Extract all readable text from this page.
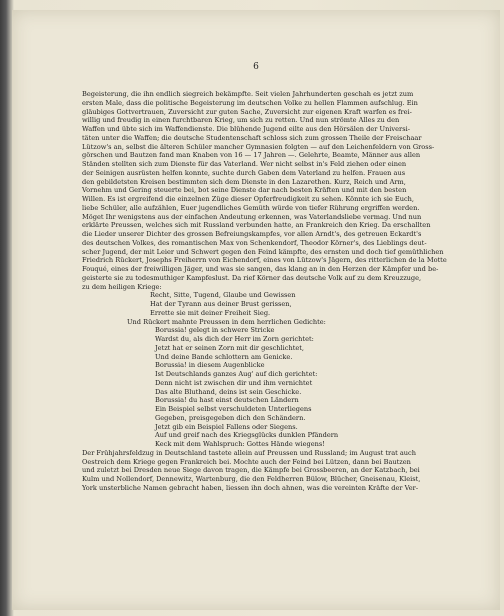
6
Begeisterung, die ihn endlich siegreich bekämpfte. Seit vielen Jahrhunderten geschah es jetzt zum
ersten Male, dass die politische Begeisterung im deutschen Volke zu hellen Flammen aufschlug. Ein
gläubiges Gottvertrauen, Zuversicht zur guten Sache, Zuversicht zur eigenen Kraft warfen es frei-
willig und freudig in einen furchtbaren Krieg, um sich zu retten. Und nun strömte Alles zu den
Waffen und übte sich im Waffendienste. Die blühende Jugend eilte aus den Hörsälen der Universi-
täten unter die Waffen; die deutsche Studentenschaft schloss sich zum grossen Theile der Freischaar
Lützow's an, selbst die älteren Schüler mancher Gymnasien folgten — auf den Leichenfeldern von Gross-
görschen und Bautzen fand man Knaben von 16 — 17 Jahren —. Gelehrte, Beamte, Männer aus allen
Ständen stellten sich zum Dienste für das Vaterland. Wer nicht selbst in's Feld ziehen oder einen
der Seinigen ausrüsten helfen konnte, suchte durch Gaben dem Vaterland zu helfen. Frauen aus
den gebildetsten Kreisen bestimmten sich dem Dienste in den Lazarethen. Kurz, Reich und Arm,
Vornehm und Gering steuerte bei, bot seine Dienste dar nach besten Kräften und mit den besten
Willen. Es ist ergreifend die einzelnen Züge dieser Opferfreudigkeit zu sehen. Könnte ich sie Euch,
liebe Schüler, alle aufzählen, Euer jugendliches Gemüth würde von tiefer Rührung ergriffen werden.
Möget Ihr wenigstens aus der einfachen Andeutung erkennen, was Vaterlandsliebe vermag. Und nun
erklärte Preussen, welches sich mit Russland verbunden hatte, an Frankreich den Krieg. Da erschallten
die Lieder unserer Dichter des grossen Befreiungskampfes, vor allen Arndt's, des getreuen Eckardt's
des deutschen Volkes, des romantischen Max von Schenkendorf, Theodor Körner's, des Lieblings deut-
scher Jugend, der mit Leier und Schwert gegen den Feind kämpfte, des ernsten und doch tief gemüthlichen
Friedrich Rückert, Josephs Freiherrn von Eichendorf, eines von Lützow's Jägern, des ritterlichen de la Motte
Fouqué, eines der freiwilligen Jäger, und was sie sangen, das klang an in den Herzen der Kämpfer und be-
geisterte sie zu todesmuthiger Kampfeslust. Da rief Körner das deutsche Volk auf zu dem Kreuzzuge,
zu dem heiligen Kriege:
Recht, Sitte, Tugend, Glaube und Gewissen
Hat der Tyrann aus deiner Brust gerissen,
Errette sie mit deiner Freiheit Sieg.
Und Rückert mahnte Preussen in dem herrlichen Gedichte:
Borussia! gelegt in schwere Stricke
Wardst du, als dich der Herr im Zorn gerichtet:
Jetzt hat er seinen Zorn mit dir geschlichtet,
Und deine Bande schlottern am Genicke.
Borussia! in diesem Augenblicke
Ist Deutschlands ganzes Aug' auf dich gerichtet:
Denn nicht ist zwischen dir und ihm vernichtet
Das alte Bluthand, deins ist sein Geschicke.
Borussia! du hast einst deutschen Ländern
Ein Beispiel selbst verschuldeten Unterliegens
Gegeben, preisgegeben dich den Schändern.
Jetzt gib ein Beispiel Fallens oder Siegens.
Auf und greif nach des Kriegsglücks dunklen Pfändern
Keck mit dem Wahlspruch: Gottes Hände wiegens!
Der Frühjahrsfeldzug in Deutschland tastete allein auf Preussen und Russland; im August trat auch
Oestreich dem Kriege gegen Frankreich bei. Mochte auch der Feind bei Lützen, dann bei Bautzen
und zuletzt bei Dresden neue Siege davon tragen, die Kämpfe bei Grossbeeren, an der Katzbach, bei
Kulm und Nollendorf, Dennewitz, Wartenburg, die den Feldherren Bülow, Blücher, Gneisenau, Kleist,
York unsterbliche Namen gebracht haben, liessen ihn doch ahnen, was die vereinten Kräfte der Ver-
